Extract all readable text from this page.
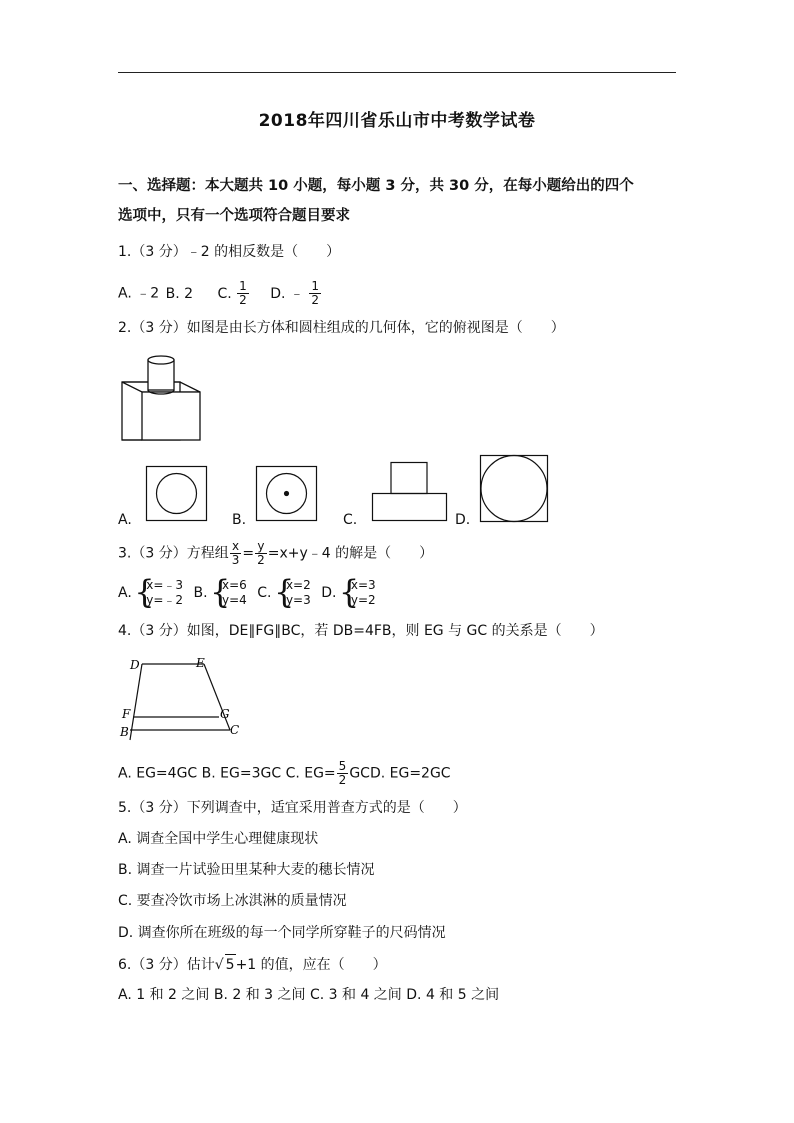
2018年四川省乐山市中考数学试卷
一、选择题：本大题共 10 小题，每小题 3 分，共 30 分，在每小题给出的四个
选项中，只有一个选项符合题目要求
1.（3 分）﹣2 的相反数是（　　）
A. ﹣2 B. 2 C. $\frac{1}{2} D$. ﹣ $\frac{1}{2}$
2.（3 分）如图是由长方体和圆柱组成的几何体，它的俯视图是（　　）
A.	B.	C.	D.
3.（3 分）方程组 $\frac{x}{3} = \frac{y}{2}$ =x+y﹣4 的解是（　　）
A. { x=﹣3
y=﹣2 B. { x=6
y=4 C. { x=2
y=3 D. { x=3
y=2
4.（3 分）如图，DE∥FG∥BC，若 DB=4FB，则 EG 与 GC 的关系是（　　）
D	E
F	G
B	C
A. EG=4GC B. EG=3GC C. $EG= \frac{5}{2}$ GCD. EG=2GC
5.（3 分）下列调查中，适宜采用普查方式的是（　　）
A. 调查全国中学生心理健康现状
B. 调查一片试验田里某种大麦的穗长情况
C. 要查冷饮市场上冰淇淋的质量情况
D. 调查你所在班级的每一个同学所穿鞋子的尺码情况
6.（3 分）估计√ 5+1 的值，应在（　　）
A. 1 和 2 之间 B. 2 和 3 之间 C. 3 和 4 之间 D. 4 和 5 之间
